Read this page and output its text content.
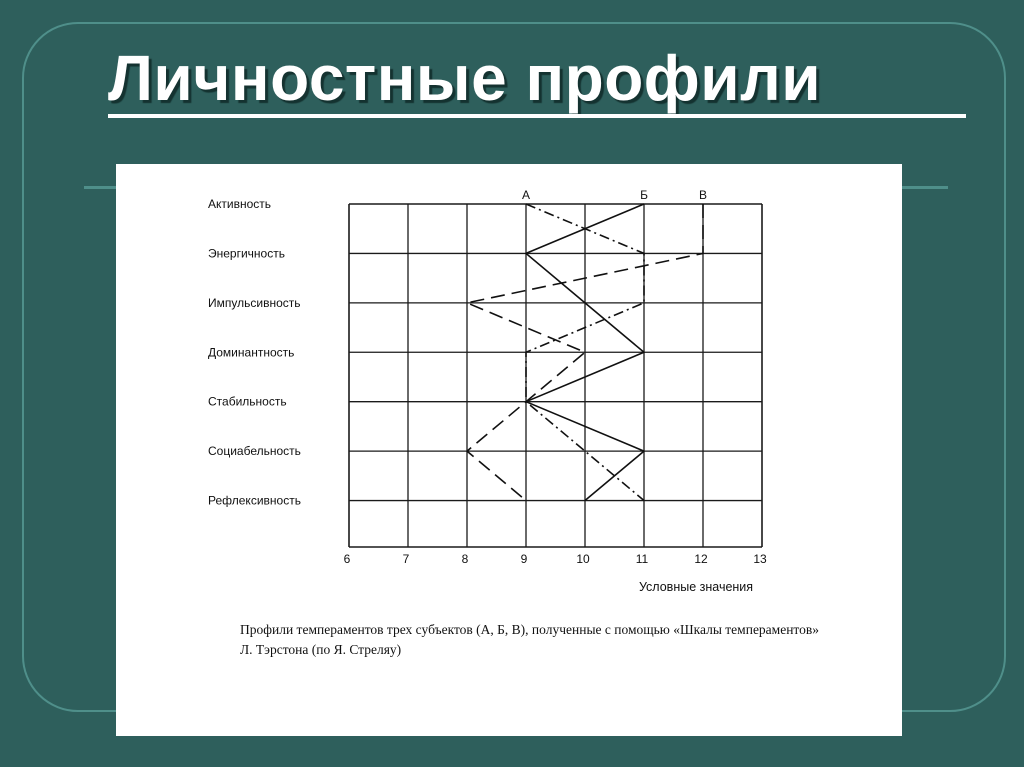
Личностные профили
Активность
Энергичность
Импульсивность
Доминантность
Стабильность
Социабельность
Рефлексивность
6	7	8	9	10	11	12	13
Условные значения
А	Б	В

Профили темпераментов трех субъектов (А, Б, В), полученные с помощью «Шкалы темпераментов» Л. Тэрстона (по Я. Стреляу)
